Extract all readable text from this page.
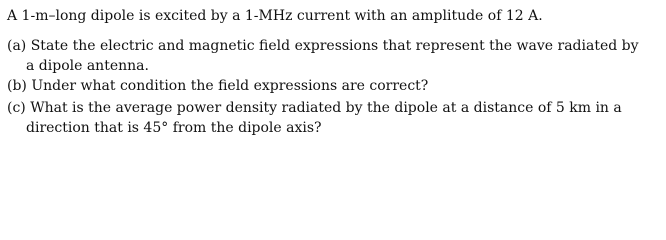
A 1-m–long dipole is excited by a 1-MHz current with an amplitude of 12 A.
(a) State the electric and magnetic field expressions that represent the wave radiated by
a dipole antenna.
(b) Under what condition the field expressions are correct?
(c) What is the average power density radiated by the dipole at a distance of 5 km in a
direction that is 45° from the dipole axis?
